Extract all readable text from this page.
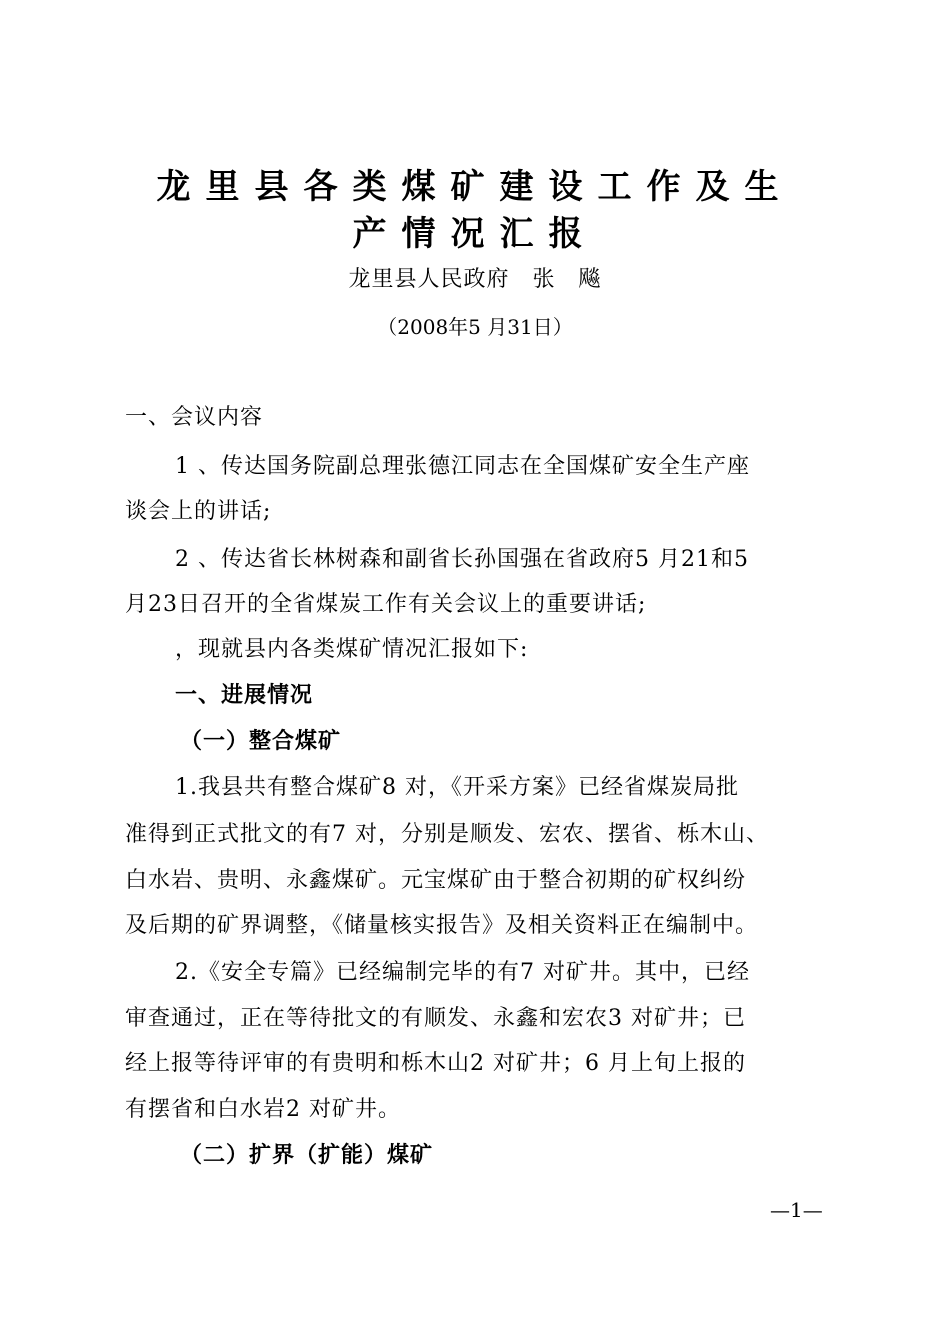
龙里县各类煤矿建设工作及生
产情况汇报

龙里县人民政府　张　飚

（2008年5 月31日）

一、会议内容

1 、传达国务院副总理张德江同志在全国煤矿安全生产座

谈会上的讲话;

2 、传达省长林树森和副省长孙国强在省政府5 月21和5

月23日召开的全省煤炭工作有关会议上的重要讲话;

，现就县内各类煤矿情况汇报如下:

一、进展情况

（一）整合煤矿

1.我县共有整合煤矿8 对，《开采方案》已经省煤炭局批

准得到正式批文的有7 对，分别是顺发、宏农、摆省、栎木山、

白水岩、贵明、永鑫煤矿。元宝煤矿由于整合初期的矿权纠纷

及后期的矿界调整，《储量核实报告》及相关资料正在编制中。

2.《安全专篇》已经编制完毕的有7 对矿井。其中，已经

审查通过，正在等待批文的有顺发、永鑫和宏农3 对矿井；已

经上报等待评审的有贵明和栎木山2 对矿井；6 月上旬上报的

有摆省和白水岩2 对矿井。

（二）扩界（扩能）煤矿

—1—
